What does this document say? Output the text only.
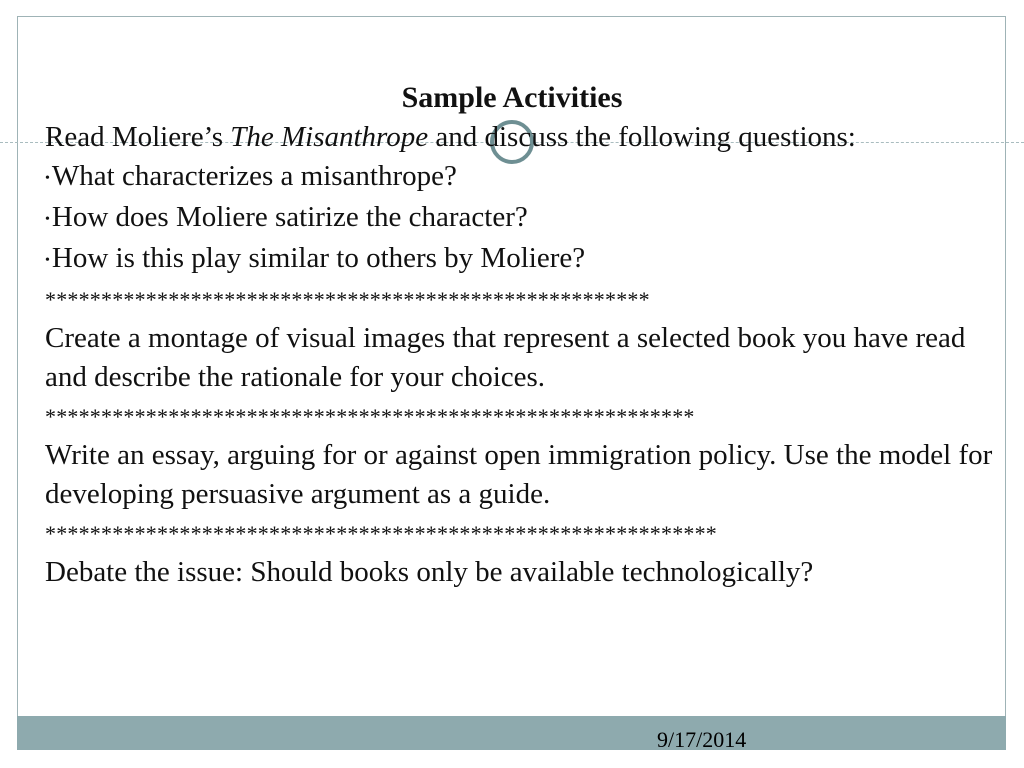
Sample Activities

Read Moliere’s The Misanthrope and discuss the following questions:

•What characterizes a misanthrope?

•How does Moliere satirize the character?

•How is this play similar to others by Moliere?

******************************************************

Create a montage of visual images that represent a selected book you have read and describe the rationale for your choices.

**********************************************************

Write an essay, arguing for or against open immigration policy. Use the model for developing persuasive argument as a guide.

************************************************************

Debate the issue: Should books only be available technologically?

9/17/2014
